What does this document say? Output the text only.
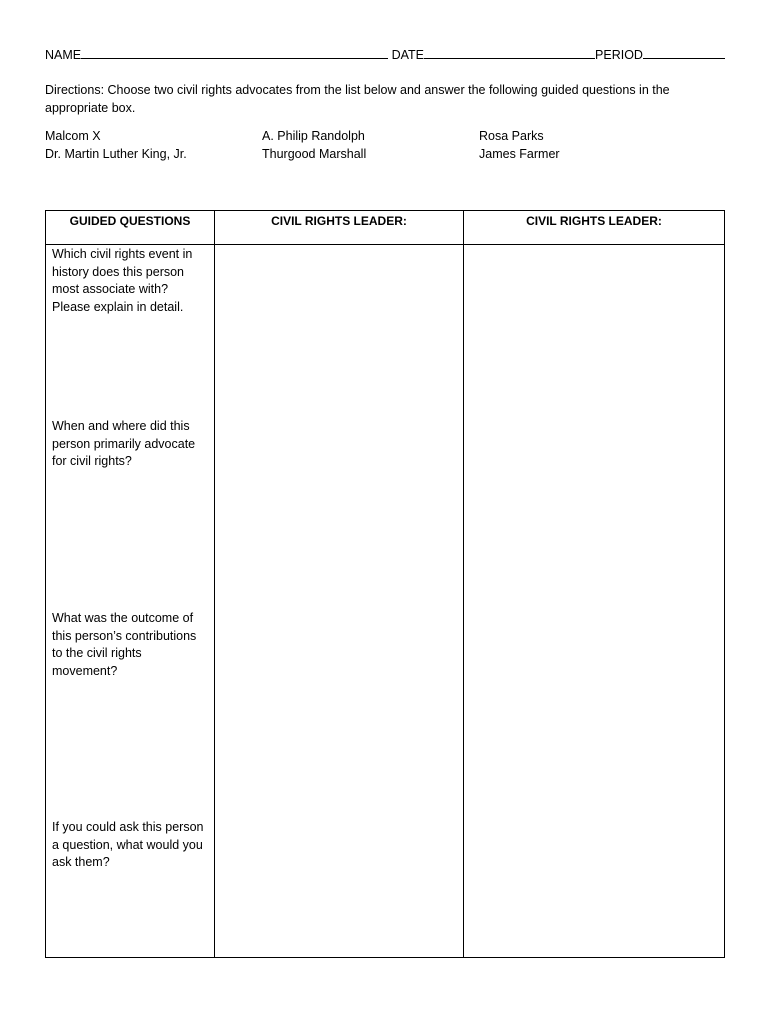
NAME	DATE	PERIOD
Directions: Choose two civil rights advocates from the list below and answer the following guided questions in the appropriate box.
Malcom X	A. Philip Randolph	Rosa Parks
Dr. Martin Luther King, Jr.	Thurgood Marshall	James Farmer
GUIDED QUESTIONS	CIVIL RIGHTS LEADER:	CIVIL RIGHTS LEADER:

Which civil rights event in history does this person most associate with? Please explain in detail.
When and where did this person primarily advocate for civil rights?
What was the outcome of this person’s contributions to the civil rights movement?
If you could ask this person a question, what would you ask them?		
